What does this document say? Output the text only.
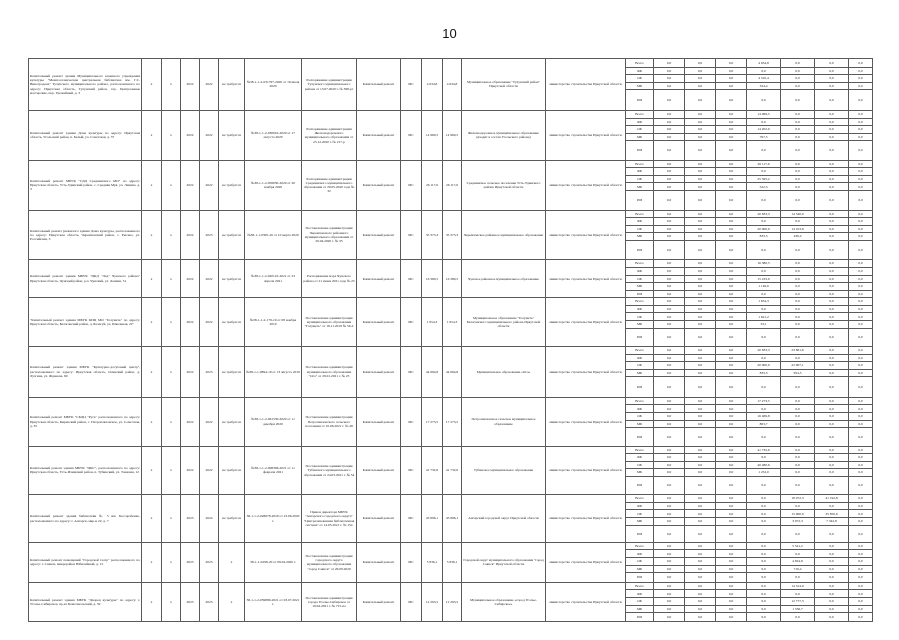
10
Капитальный ремонт здания Муниципального казенного учреждения культуры "Межпоселенческая центральная библиотека им. Г.С. Виноградова" Тулунского муниципального района, расположенного по адресу: Иркутская область, Тулунский район, тер. Центральные мастерские, пер. Урожайный, д. 3	х	х	2022	2022	не требуется	№38-1-1-2-031797-2020 от 16 июля 2020	Распоряжение администрации Тулунского муниципального района от 13.07.2020 г. № 398-рг	Капитальный ремонт	МС	4 634,8	4 634,8	Муниципальное образование "Тулунский район" Иркутской области	министерство строительства Иркутской области	Всего	0,0	0,0	0,0	4 634,8	0,0	0,0	0,0
														ФБ	0,0	0,0	0,0	0,0	0,0	0,0	0,0
														ОБ	0,0	0,0	0,0	4 310,4	0,0	0,0	0,0
														МБ	0,0	0,0	0,0	324,4	0,0	0,0	0,0
														ИИ	0,0	0,0	0,0	0,0	0,0	0,0	0,0
Капитальный ремонт здания Дома культуры по адресу: Иркутская область, Усольский район, п. Белый, ул. Советская, д. 37	х	х	2022	2022	не требуется	№38-1-1-2-030616-2020 от 17 августа 2020	Распоряжение администрации Железнодорожного муниципального образования от 25.12.2020 г. № 217-р	Капитальный ремонт	МС	14 969,5	14 969,5	Железнодорожное муниципальное образование (входит в состав Усольского района)	министерство строительства Иркутской области	Всего	0,0	0,0	0,0	14 969,5	0,0	0,0	0,0
														ФБ	0,0	0,0	0,0	0,0	0,0	0,0	0,0
														ОБ	0,0	0,0	0,0	14 202,0	0,0	0,0	0,0
														МБ	0,0	0,0	0,0	767,5	0,0	0,0	0,0
														ИИ	0,0	0,0	0,0	0,0	0,0	0,0	0,0
Капитальный ремонт МБУК "СДЦ Среднинского МО" по адресу: Иркутская область, Усть-Удинский район, с. Средняя Муя, ул. Ленина, д. 3	х	х	2022	2022	не требуется	№38-1-1-2-058030-2020 от 20 ноября 2020	Распоряжение администрации Среднинского муниципального образования от 29.05.2020 года № 32	Капитальный ремонт	МС	26 117,6	26 117,6	Среднинское сельское поселение Усть-Удинского района Иркутской области	министерство строительства Иркутской области	Всего	0,0	0,0	0,0	26 117,6	0,0	0,0	0,0
														ФБ	0,0	0,0	0,0	0,0	0,0	0,0	0,0
														ОБ	0,0	0,0	0,0	25 595,2	0,0	0,0	0,0
														МБ	0,0	0,0	0,0	522,3	0,0	0,0	0,0
														ИИ	0,0	0,0	0,0	0,0	0,0	0,0	0,0
Капитальный ремонт (нежилого здания Дома культуры, расположенного по адресу: Иркутская область, Черемховский район, с. Рысево, ул. Российская, 3	х	х	2022	2023	не требуется	№38-1-1-0395-20 от 10 марта 2020	Постановление администрации Черемховского районного муниципального образования от 20.04.2020 г. № 33	Капитальный ремонт	МС	35 373,3	35 373,3	Черемховское районное муниципальное образование	министерство строительства Иркутской области	Всего	0,0	0,0	0,0	20 833,3	14 540,0	0,0	0,0
														ФБ	0,0	0,0	0,0	0,0	0,0	0,0	0,0
														ОБ	0,0	0,0	0,0	20 000,0	14 103,8	0,0	0,0
														МБ	0,0	0,0	0,0	833,3	436,2	0,0	0,0
														ИИ	0,0	0,0	0,0	0,0	0,0	0,0	0,0
Капитальный ремонт здания МБУК "ЦКД "Лад" Чунского района" Иркутская область, Чунский район, р.п. Чунский, ул. Ленина, 51	х	х	2022	2022	не требуется	№38-1-1-2-020122-2021 от 23 апреля 2021	Распоряжение мэра Чунского района от 21 июня 2021 года № 25	Капитальный ремонт	МС	16 380,5	16 380,5	Чунское районное муниципальное образование	министерство строительства Иркутской области	Всего	0,0	0,0	0,0	16 380,5	0,0	0,0	0,0
														ФБ	0,0	0,0	0,0	0,0	0,0	0,0	0,0
														ОБ	0,0	0,0	0,0	15 233,9	0,0	0,0	0,0
														МБ	0,0	0,0	0,0	1 146,6	0,0	0,0	0,0
														ИИ	0,0	0,0	0,0	0,0	0,0	0,0	0,0
"Капитальный ремонт здания МБУК КИЦ МО "Голуметь" по адресу: Иркутская область, Балаганский район, д. Балагуй, ул. Школьная, 22"	х	х	2022	2022	не требуется	№38-1-1-2-179-19 от 08 ноября 2019	Постановление администрации муниципального образования "Голуметь" от 18.11.2019 № 56-2	Капитальный ремонт	МС	1 654,3	1 654,3	Муниципальное образование "Голуметь" Балаганского муниципального района Иркутской области	министерство строительства Иркутской области	Всего	0,0	0,0	0,0	1 654,3	0,0	0,0	0,0
														ФБ	0,0	0,0	0,0	0,0	0,0	0,0	0,0
														ОБ	0,0	0,0	0,0	1 621,2	0,0	0,0	0,0
														МБ	0,0	0,0	0,0	33,1	0,0	0,0	0,0
														ИИ	0,0	0,0	0,0	0,0	0,0	0,0	0,0
Капитальный ремонт здания МБУК "Культурно-досуговый центр", расположенного по адресу: Иркутская область, Осинский район, д. Лузгина, ул. Жданова, 69	х	х	2022	2023	не требуется	№38-1-1-0894-19 от 13 августа 2019	Постановление администрации муниципального образования "Оса" от 29.01.2021 г. № 25	Капитальный ремонт	МС	44 694,8	44 694,8	Муниципальное образование «Оса»	министерство строительства Иркутской области	Всего	0,0	0,0	0,0	20 833,3	23 861,6	0,0	0,0
														ФБ	0,0	0,0	0,0	0,0	0,0	0,0	0,0
														ОБ	0,0	0,0	0,0	20 000,0	22 907,1	0,0	0,0
														МБ	0,0	0,0	0,0	833,3	954,5	0,0	0,0
														ИИ	0,0	0,0	0,0	0,0	0,0	0,0	0,0
Капитальный ремонт МБУК "СКДЦ "Русь" расположенного по адресу: Иркутская область, Киренский район, с. Петропавловское, ул. Советская, д. 35	х	х	2022	2022	не требуется	№38-1-1-2-061530-2020 от 11 декабря 2020	Постановление администрации Петропавловского сельского поселения от 10.06.2021 г. № 48	Капитальный ремонт	МС	17 273,5	17 273,5	Петропавловское сельское муниципальное образование	министерство строительства Иркутской области	Всего	0,0	0,0	0,0	17 273,5	0,0	0,0	0,0
														ФБ	0,0	0,0	0,0	0,0	0,0	0,0	0,0
														ОБ	0,0	0,0	0,0	16 469,8	0,0	0,0	0,0
														МБ	0,0	0,0	0,0	803,7	0,0	0,0	0,0
														ИИ	0,0	0,0	0,0	0,0	0,0	0,0	0,0
Капитальный ремонт здания МБУК "ЦКС", расположенного по адресу: Иркутская область, Усть-Илимский район, п. Тубинский, ул. Таежная, 12	х	х	2022	2022	не требуется	№38-1-1-2-008396-2021 от 11 февраля 2021	Постановление администрации Тубинского муниципального образования от 24.03.2021 г. № 54	Капитальный ремонт	МС	41 732,6	41 732,6	Тубинское муниципальное образование	министерство строительства Иркутской области	Всего	0,0	0,0	0,0	41 732,6	0,0	0,0	0,0
														ФБ	0,0	0,0	0,0	0,0	0,0	0,0	0,0
														ОБ	0,0	0,0	0,0	40 480,6	0,0	0,0	0,0
														МБ	0,0	0,0	0,0	1 252,0	0,0	0,0	0,0
														ИИ	0,0	0,0	0,0	0,0	0,0	0,0	0,0
Капитальный ремонт здания библиотеки № 5 им. Бессарабенко, расположенного по адресу: г. Ангарск, мкр-н 22, д. 7	х	х	2023	2024	не требуется	38-1-1-2-028678-2020 от 23.06.2020 г.	Приказ директора МБУК "Ангарского городского округа" "Централизованная библиотечная система" от 14.05.2021 г. № 154	Капитальный ремонт	МС	45 896,1	45 896,1	Ангарский городской округ Иркутской области	министерство строительства Иркутской области	Всего	0,0	0,0	0,0	0,0	18 072,3	41 192,8	0,0
														ФБ	0,0	0,0	0,0	0,0	0,0	0,0	0,0
														ОБ	0,0	0,0	0,0	0,0	15 000,0	35 850,0	0,0
														МБ	0,0	0,0	0,0	0,0	3 072,3	7 342,8	0,0
														ИИ	0,0	0,0	0,0	0,0	0,0	0,0	0,0
Капитальный ремонт помещений "Городской театр" расположенного по адресу: г. Саянск, микрорайон Юбилейный, д. 15	х	х	2023	2023	х	38-1-1-0298-20 от 09.04.2020 г.	Постановление администрации городского округа муниципального образования "город Саянск" от 29.09.2020	Капитальный ремонт	МС	5 836,1	5 836,1	Городской округ муниципального образования "город Саянск" Иркутской области	министерство строительства Иркутской области	Всего	0,0	0,0	0,0	0,0	5 541,2	0,0	0,0
														ФБ	0,0	0,0	0,0	0,0	0,0	0,0	0,0
														ОБ	0,0	0,0	0,0	0,0	4 824,8	0,0	0,0
														МБ	0,0	0,0	0,0	0,0	716,4	0,0	0,0
														ИИ	0,0	0,0	0,0	0,0	0,0	0,0	0,0
Капитальный ремонт здания МБУК "Дворец культуры" по адресу: г. Усолье-Сибирское, пр-кт Комсомольский, д. 59	х	х	2023	2023	х	38-1-1-2-059886-2021 от 03.07.2021 г.	Постановление администрации города Усолье-Сибирское от 19.04.2021 г. № 715-па	Капитальный ремонт	МС	12 293,5	12 293,5	Муниципальное образование «город Усолье-Сибирское»	министерство строительства Иркутской области	Всего	0,0	0,0	0,0	0,0	14 314,0	0,0	0,0
														ФБ	0,0	0,0	0,0	0,0	0,0	0,0	0,0
														ОБ	0,0	0,0	0,0	0,0	12 777,3	0,0	0,0
														МБ	0,0	0,0	0,0	0,0	1 536,7	0,0	0,0
														ИИ	0,0	0,0	0,0	0,0	0,0	0,0	0,0
